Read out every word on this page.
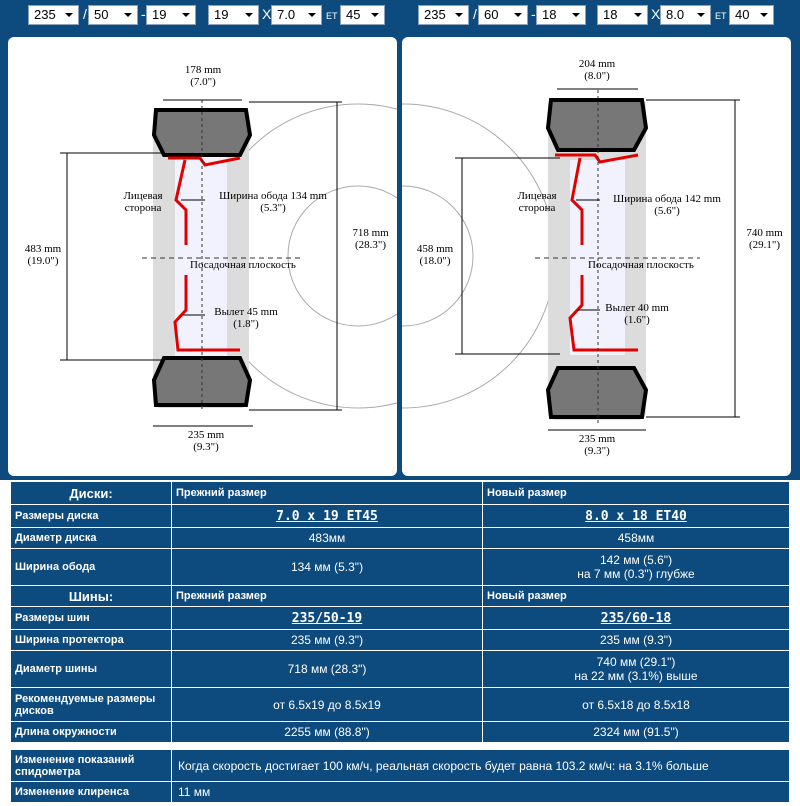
235	/ 50	- 19	19	X 7.0	ET 45	235	/ 60	- 18	18	X 8.0	ET 40
178 mm
(7.0")
483 mm
(19.0")
718 mm
(28.3")
Лицевая
сторона
Ширина обода 134 mm
(5.3")
Посадочная плоскость
Вылет 45 mm
(1.8")
235 mm
(9.3")
204 mm
(8.0")
458 mm
(18.0")
740 mm
(29.1")
Лицевая
сторона
Ширина обода 142 mm
(5.6")
Посадочная плоскость
Вылет 40 mm
(1.6")
235 mm
(9.3")
Диски:	Прежний размер	Новый размер
Размеры диска	7.0 x 19 ET45	8.0 x 18 ET40
Диаметр диска	483мм	458мм
Ширина обода	134 мм (5.3")	142 мм (5.6")
на 7 мм (0.3") глубже

Шины:	Прежний размер	Новый размер
Размеры шин	235/50-19	235/60-18
Ширина протектора	235 мм (9.3")	235 мм (9.3")
Диаметр шины	718 мм (28.3")	740 мм (29.1")
на 22 мм (3.1%) выше

Рекомендуемые размеры дисков	от 6.5x19 до 8.5x19	от 6.5x18 до 8.5x18
Длина окружности	2255 мм (88.8")	2324 мм (91.5")
Изменение показаний спидометра	Когда скорость достигает 100 км/ч, реальная скорость будет равна 103.2 км/ч: на 3.1% больше
Изменение клиренса	11 мм
